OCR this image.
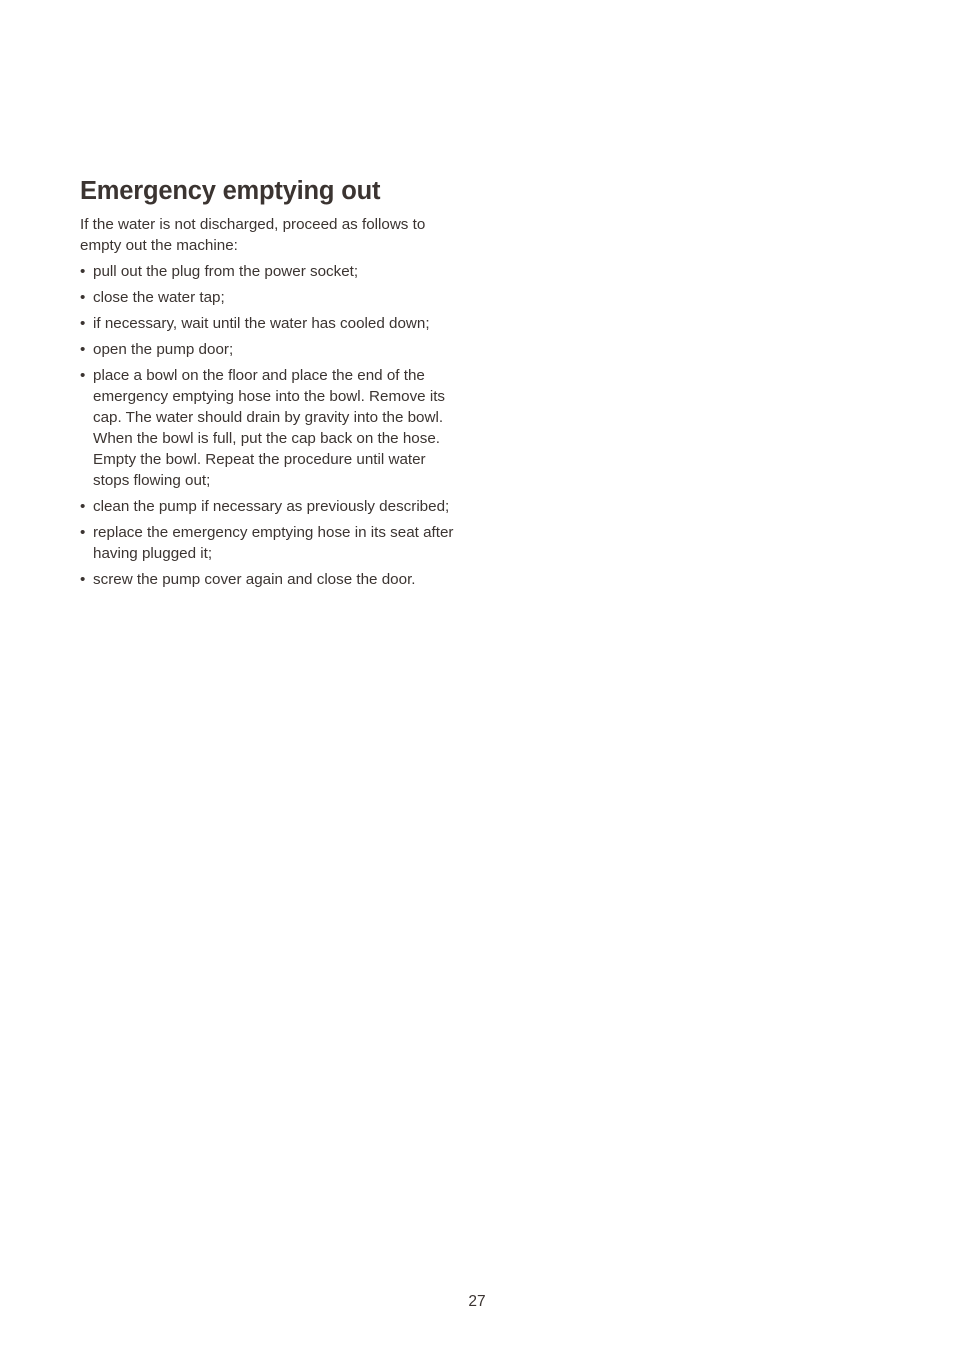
Emergency emptying out

If the water is not discharged, proceed as follows to empty out the machine:

• pull out the plug from the power socket;
• close the water tap;
• if necessary, wait until the water has cooled down;
• open the pump door;
• place a bowl on the floor and place the end of the emergency emptying hose into the bowl. Remove its cap. The water should drain by gravity into the bowl. When the bowl is full, put the cap back on the hose. Empty the bowl. Repeat the procedure until water stops flowing out;
• clean the pump if necessary as previously described;
• replace the emergency emptying hose in its seat after having plugged it;
• screw the pump cover again and close the door.
27
